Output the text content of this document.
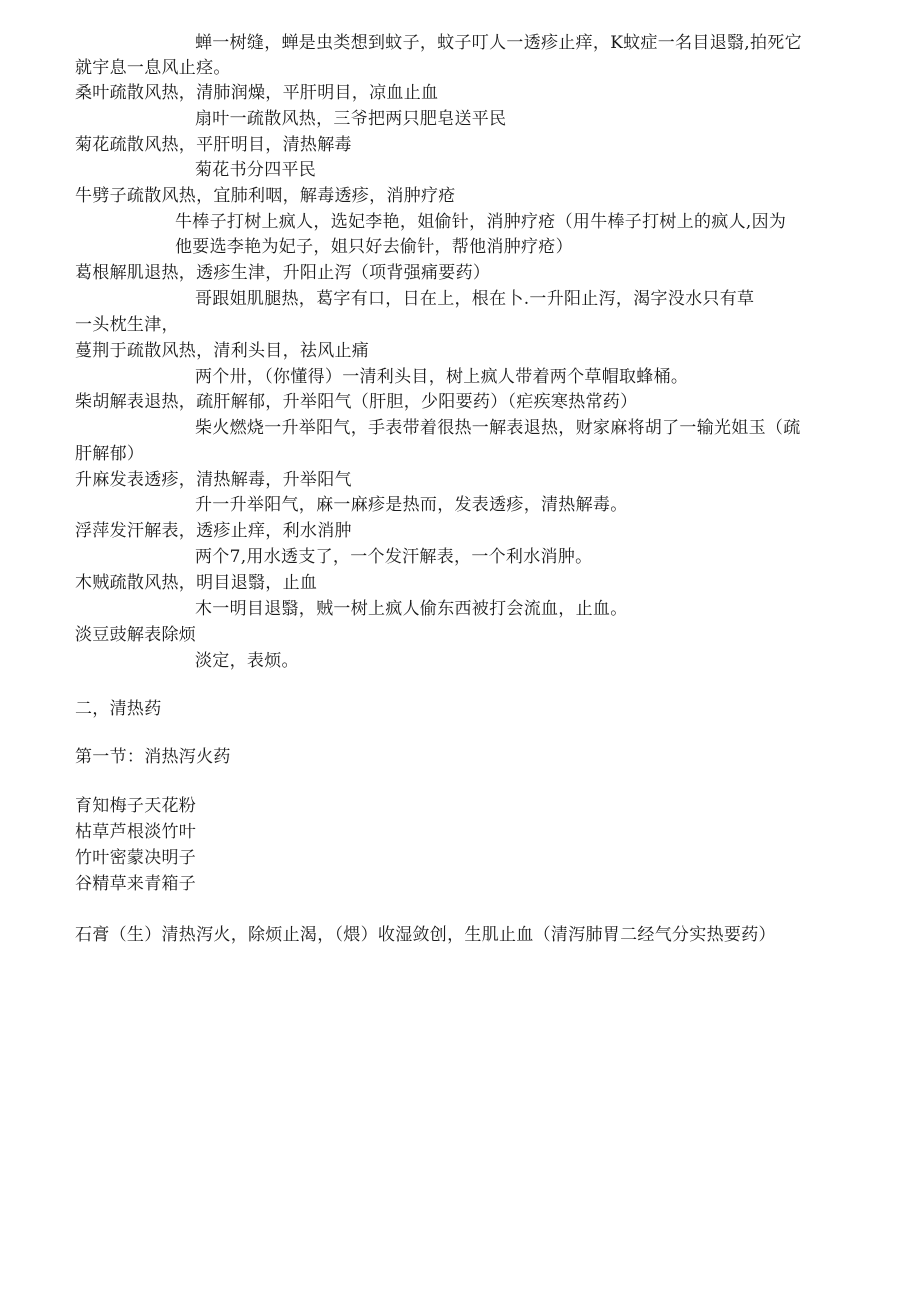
蝉一树缝，蝉是虫类想到蚊子，蚊子叮人一透疹止痒，K蚊症一名目退翳,拍死它
就宇息一息风止痉。
桑叶疏散风热，清肺润燥，平肝明目，凉血止血
扇叶一疏散风热，三爷把两只肥皂送平民
菊花疏散风热，平肝明目，清热解毒
菊花书分四平民
牛劈子疏散风热，宜肺利咽，解毒透疹，消肿疗疮
牛棒子打树上疯人，选妃李艳，姐偷针，消肿疗疮（用牛棒子打树上的疯人,因为
他要选李艳为妃子，姐只好去偷针，帮他消肿疗疮）
葛根解肌退热，透疹生津，升阳止泻（项背强痛要药）
哥跟姐肌腿热，葛字有口，日在上，根在卜.一升阳止泻，渴字没水只有草
一头枕生津，
蔓荆于疏散风热，清利头目，祛风止痛
两个卅，（你懂得）一清利头目，树上疯人带着两个草帽取蜂桶。
柴胡解表退热，疏肝解郁，升举阳气（肝胆，少阳要药）（疟疾寒热常药）
柴火燃烧一升举阳气，手表带着很热一解表退热，财家麻将胡了一输光姐玉（疏
肝解郁）
升麻发表透疹，清热解毒，升举阳气
升一升举阳气，麻一麻疹是热而，发表透疹，清热解毒。
浮萍发汗解表，透疹止痒，利水消肿
两个7,用水透支了，一个发汗解表，一个利水消肿。
木贼疏散风热，明目退翳，止血
木一明目退翳，贼一树上疯人偷东西被打会流血，止血。
淡豆豉解表除烦
淡定，表烦。
二，清热药
第一节：消热泻火药
育知梅子天花粉
枯草芦根淡竹叶
竹叶密蒙决明子
谷精草来青箱子
石膏（生）清热泻火，除烦止渴，（煨）收湿敛创，生肌止血（清泻肺胃二经气分实热要药）
